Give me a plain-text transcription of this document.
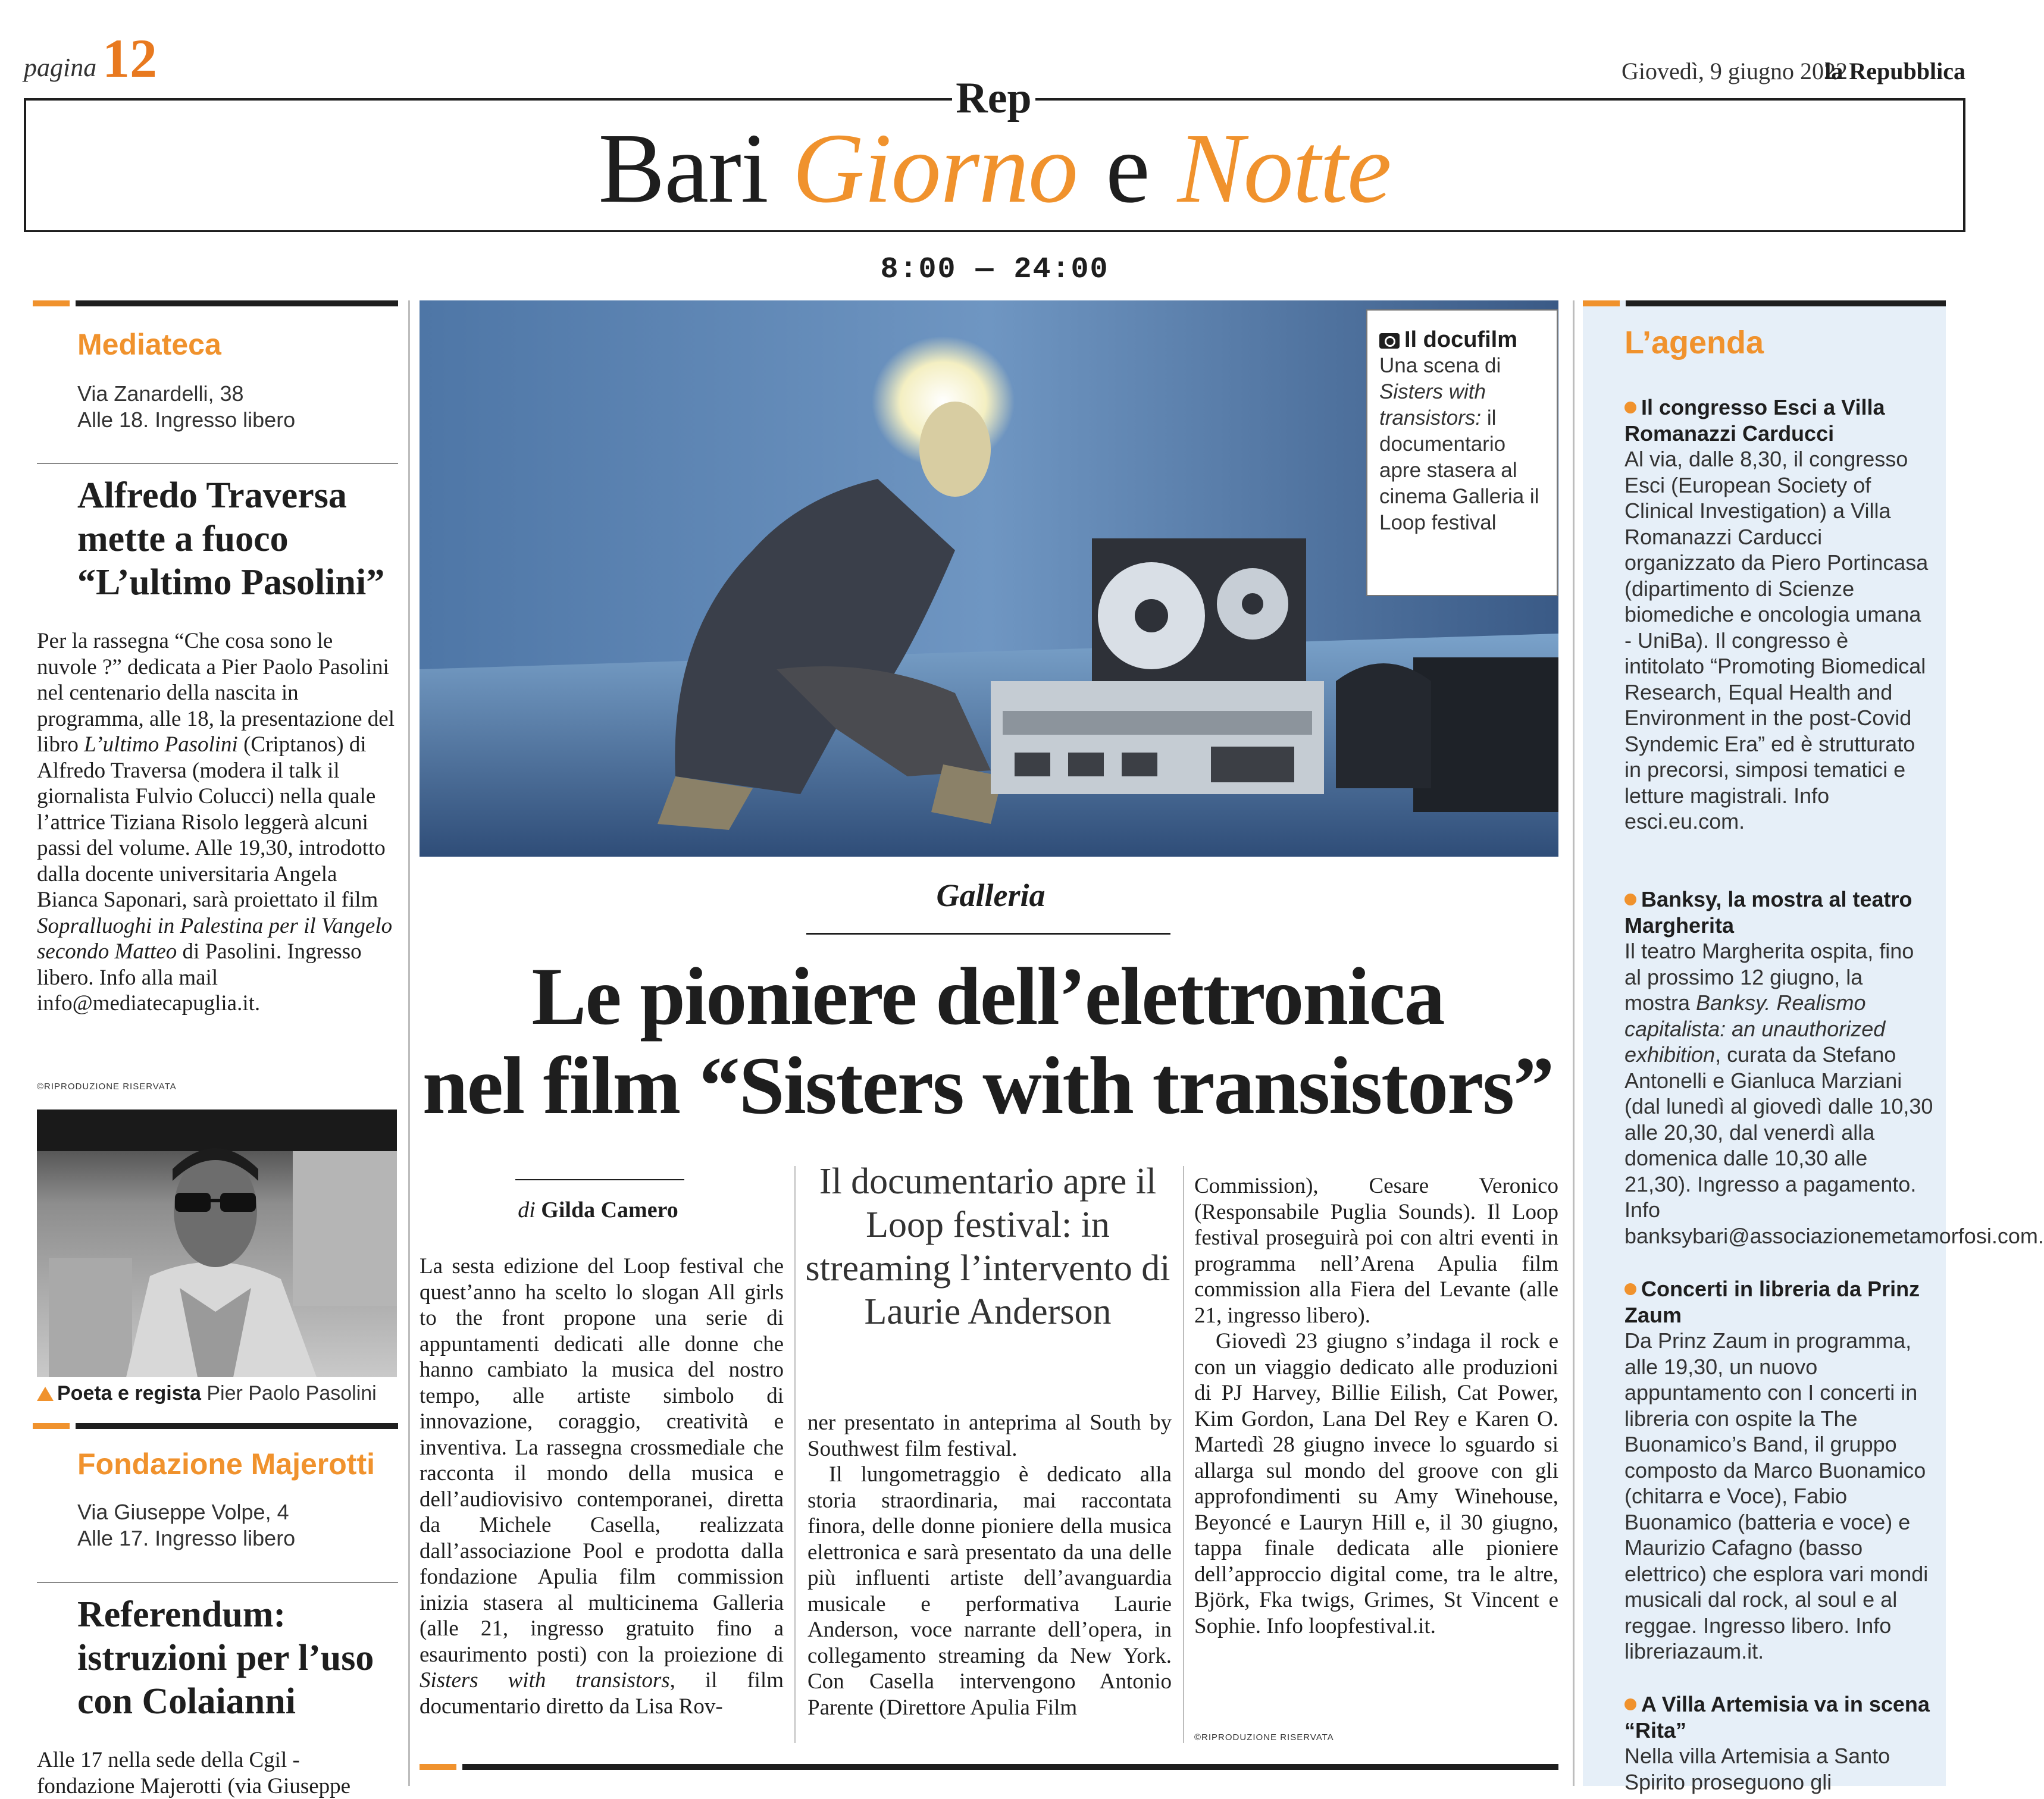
pagina 12	Giovedì, 9 giugno 2022
la Repubblica
Rep
Bari Giorno e Notte
8:00 — 24:00
Mediateca
Via Zanardelli, 38
Alle 18. Ingresso libero
Alfredo Traversa
mette a fuoco
“L’ultimo Pasolini”
Per la rassegna “Che cosa sono le nuvole ?” dedicata a Pier Paolo Pasolini nel centenario della nascita in programma, alle 18, la presentazione del libro L’ultimo Pasolini (Criptanos) di Alfredo Traversa (modera il talk il giornalista Fulvio Colucci) nella quale l’attrice Tiziana Risolo leggerà alcuni passi del volume. Alle 19,30, introdotto dalla docente universitaria Angela Bianca Saponari, sarà proiettato il film Sopralluoghi in Palestina per il Vangelo secondo Matteo di Pasolini. Ingresso libero. Info alla mail info@mediatecapuglia.it.
©RIPRODUZIONE RISERVATA
Poeta e regista Pier Paolo Pasolini
Fondazione Majerotti
Via Giuseppe Volpe, 4
Alle 17. Ingresso libero
Referendum:
istruzioni per l’uso
con Colaianni
Alle 17 nella sede della Cgil -
fondazione Majerotti (via Giuseppe
Il docufilm
Una scena di Sisters with transistors: il documentario apre stasera al cinema Galleria il Loop festival
Galleria
Le pioniere dell’elettronica
nel film “Sisters with transistors”
di Gilda Camero
La sesta edizione del Loop festival che quest’anno ha scelto lo slogan All girls to the front propone una serie di appuntamenti dedicati alle donne che hanno cambiato la musica del nostro tempo, alle artiste simbolo di innovazione, coraggio, creatività e inventiva. La rassegna crossmediale che racconta il mondo della musica e dell’audiovisivo contemporanei, diretta da Michele Casella, realizzata dall’associazione Pool e prodotta dalla fondazione Apulia film commission inizia stasera al multicinema Galleria (alle 21, ingresso gratuito fino a esaurimento posti) con la proiezione di Sisters with transistors, il film documentario diretto da Lisa Rov-
Il documentario apre il Loop festival: in streaming l’intervento di Laurie Anderson
ner presentato in anteprima al South by Southwest film festival.
Il lungometraggio è dedicato alla storia straordinaria, mai raccontata finora, delle donne pioniere della musica elettronica e sarà presentato da una delle più influenti artiste dell’avanguardia musicale e performativa Laurie Anderson, voce narrante dell’opera, in collegamento streaming da New York. Con Casella intervengono Antonio Parente (Direttore Apulia Film
Commission), Cesare Veronico (Responsabile Puglia Sounds). Il Loop festival proseguirà poi con altri eventi in programma nell’Arena Apulia film commission alla Fiera del Levante (alle 21, ingresso libero).
Giovedì 23 giugno s’indaga il rock e con un viaggio dedicato alle produzioni di PJ Harvey, Billie Eilish, Cat Power, Kim Gordon, Lana Del Rey e Karen O. Martedì 28 giugno invece lo sguardo si allarga sul mondo del groove con gli approfondimenti su Amy Winehouse, Beyoncé e Lauryn Hill e, il 30 giugno, tappa finale dedicata alle pioniere dell’approccio digital come, tra le altre, Björk, Fka twigs, Grimes, St Vincent e Sophie. Info loopfestival.it.
©RIPRODUZIONE RISERVATA
L’agenda
Il congresso Esci a Villa Romanazzi Carducci
Al via, dalle 8,30, il congresso Esci (European Society of Clinical Investigation) a Villa Romanazzi Carducci organizzato da Piero Portincasa (dipartimento di Scienze biomediche e oncologia umana - UniBa). Il congresso è intitolato “Promoting Biomedical Research, Equal Health and Environment in the post-Covid Syndemic Era” ed è strutturato in precorsi, simposi tematici e letture magistrali. Info esci.eu.com.
Banksy, la mostra al teatro Margherita
Il teatro Margherita ospita, fino al prossimo 12 giugno, la mostra Banksy. Realismo capitalista: an unauthorized exhibition, curata da Stefano Antonelli e Gianluca Marziani (dal lunedì al giovedì dalle 10,30 alle 20,30, dal venerdì alla domenica dalle 10,30 alle 21,30). Ingresso a pagamento. Info banksybari@associazionemetamorfosi.com.
Concerti in libreria da Prinz Zaum
Da Prinz Zaum in programma, alle 19,30, un nuovo appuntamento con I concerti in libreria con ospite la The Buonamico’s Band, il gruppo composto da Marco Buonamico (chitarra e Voce), Fabio Buonamico (batteria e voce) e Maurizio Cafagno (basso elettrico) che esplora vari mondi musicali dal rock, al soul e al reggae. Ingresso libero. Info libreriazaum.it.
A Villa Artemisia va in scena “Rita”
Nella villa Artemisia a Santo Spirito proseguono gli
